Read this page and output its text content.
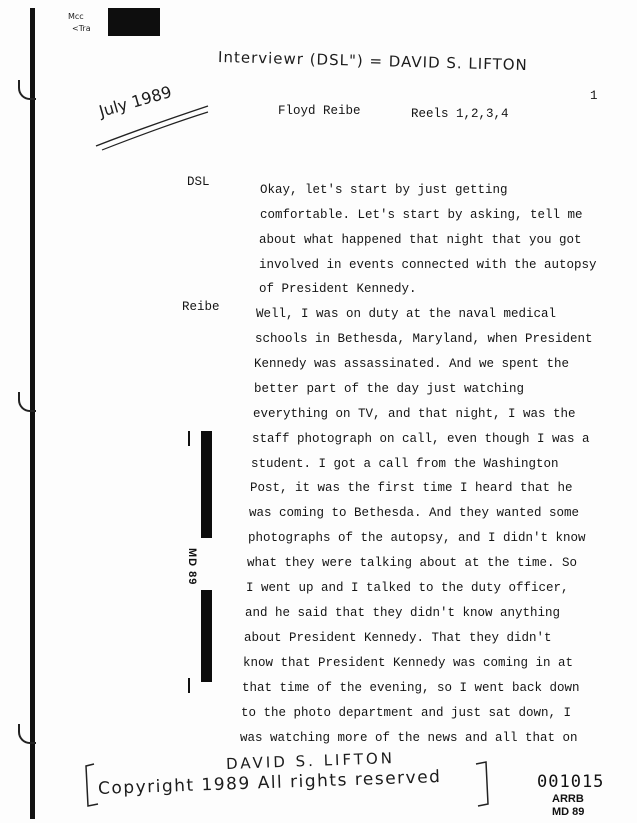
Mcc
<Tra
Interviewr (DSL") = DAVID S. LIFTON
July 1989	Floyd Reibe	Reels 1,2,3,4
1
DSL
Reibe
Okay, let's start by just getting
comfortable. Let's start by asking, tell me
about what happened that night that you got
involved in events connected with the autopsy
of President Kennedy.
Well, I was on duty at the naval medical
schools in Bethesda, Maryland, when President
Kennedy was assassinated. And we spent the
better part of the day just watching
everything on TV, and that night, I was the
staff photograph on call, even though I was a
student. I got a call from the Washington
Post, it was the first time I heard that he
was coming to Bethesda. And they wanted some
photographs of the autopsy, and I didn't know
what they were talking about at the time. So
I went up and I talked to the duty officer,
and he said that they didn't know anything
about President Kennedy. That they didn't
know that President Kennedy was coming in at
that time of the evening, so I went back down
to the photo department and just sat down, I
was watching more of the news and all that on
MD 89
DAVID S. LIFTON
Copyright 1989 All rights reserved	001015
ARRB
MD 89
